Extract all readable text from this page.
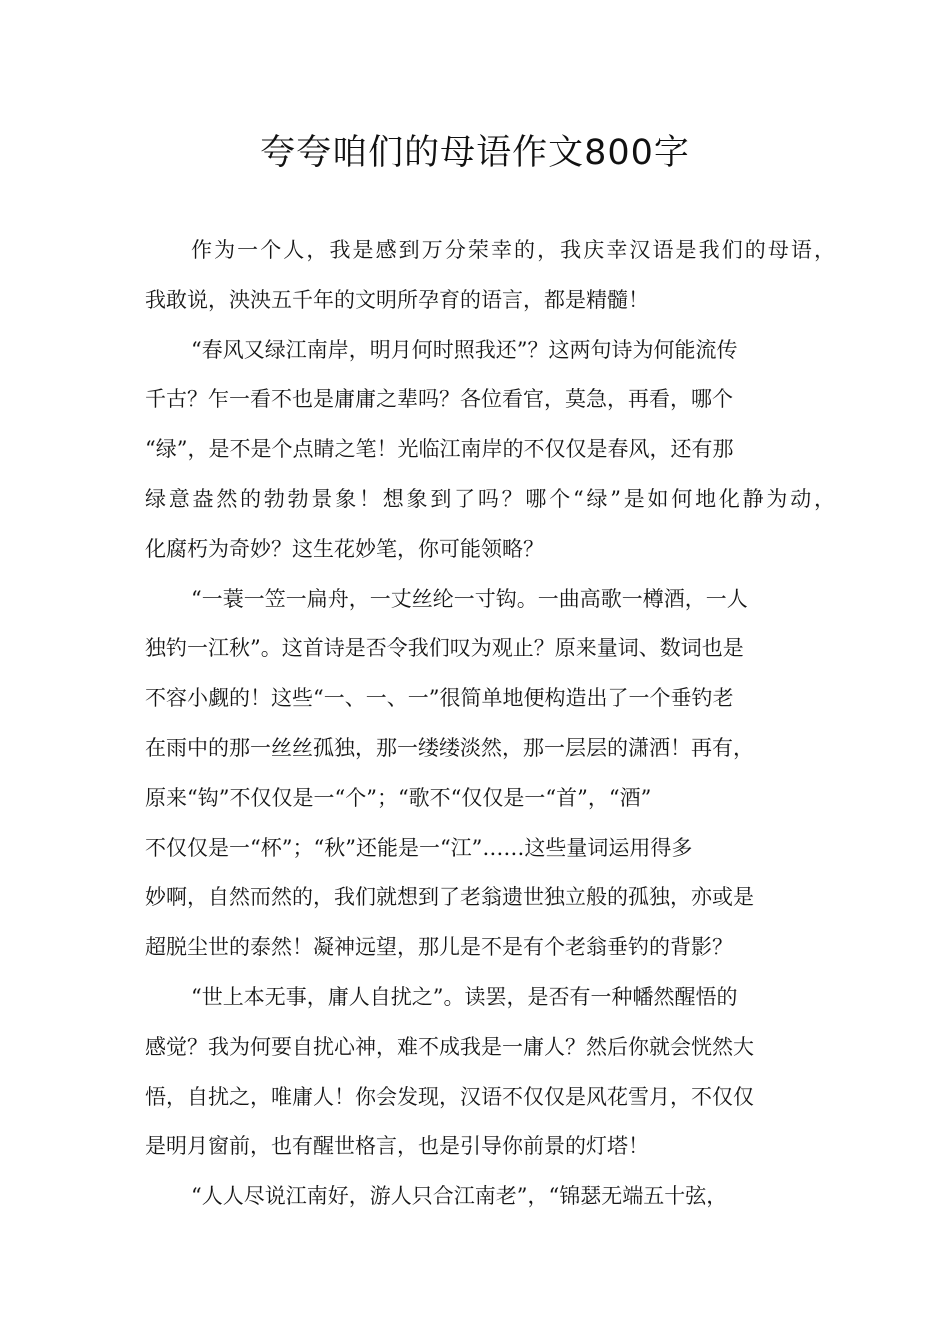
夸夸咱们的母语作文800字
作为一个人，我是感到万分荣幸的，我庆幸汉语是我们的母语，
我敢说，泱泱五千年的文明所孕育的语言，都是精髓！
“春风又绿江南岸，明月何时照我还”？这两句诗为何能流传
千古？乍一看不也是庸庸之辈吗？各位看官，莫急，再看，哪个
“绿”，是不是个点睛之笔！光临江南岸的不仅仅是春风，还有那
绿意盎然的勃勃景象！想象到了吗？哪个“绿”是如何地化静为动，
化腐朽为奇妙？这生花妙笔，你可能领略？
“一蓑一笠一扁舟，一丈丝纶一寸钩。一曲高歌一樽酒，一人
独钓一江秋”。这首诗是否令我们叹为观止？原来量词、数词也是
不容小觑的！这些“一、一、一”很简单地便构造出了一个垂钓老
在雨中的那一丝丝孤独，那一缕缕淡然，那一层层的潇洒！再有，
原来“钩”不仅仅是一“个”；“歌不“仅仅是一“首”，“酒”
不仅仅是一“杯”；“秋”还能是一“江”……这些量词运用得多
妙啊，自然而然的，我们就想到了老翁遗世独立般的孤独，亦或是
超脱尘世的泰然！凝神远望，那儿是不是有个老翁垂钓的背影？
“世上本无事，庸人自扰之”。读罢，是否有一种幡然醒悟的
感觉？我为何要自扰心神，难不成我是一庸人？然后你就会恍然大
悟，自扰之，唯庸人！你会发现，汉语不仅仅是风花雪月，不仅仅
是明月窗前，也有醒世格言，也是引导你前景的灯塔！
“人人尽说江南好，游人只合江南老”，“锦瑟无端五十弦，
